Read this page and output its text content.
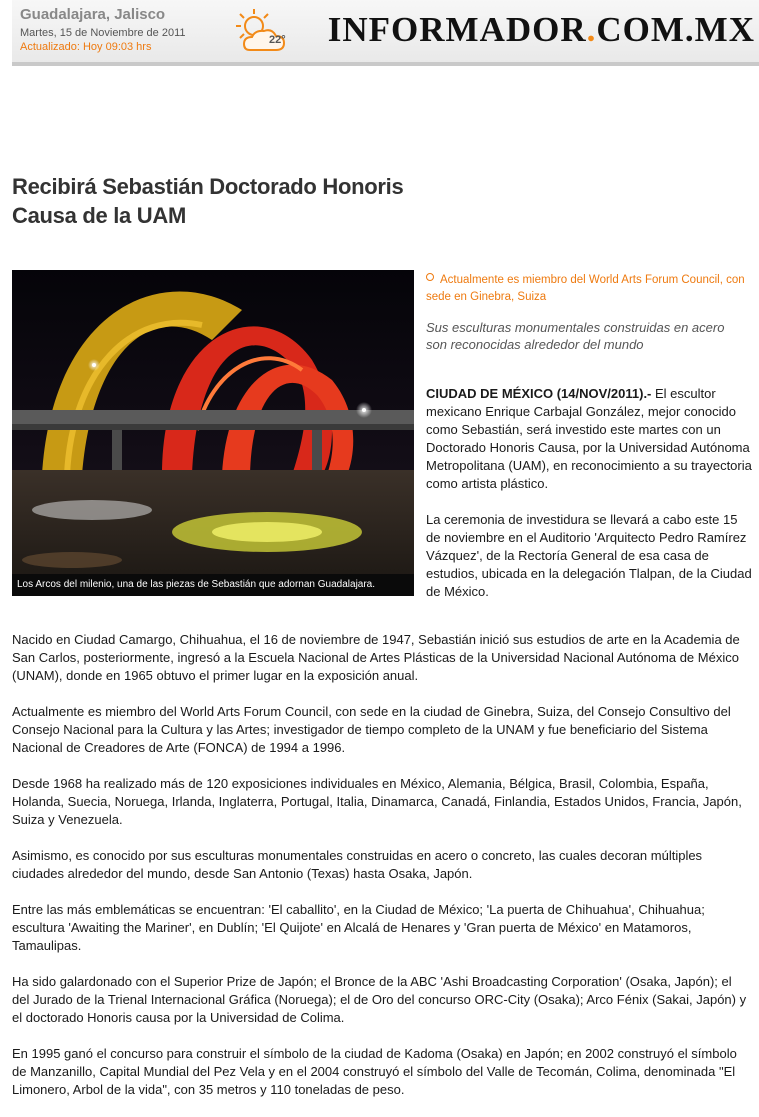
Guadalajara, Jalisco
Martes, 15 de Noviembre de 2011
Actualizado: Hoy 09:03 hrs
22° INFORMADOR.COM.MX
Recibirá Sebastián Doctorado Honoris Causa de la UAM
Los Arcos del milenio, una de las piezas de Sebastián que adornan Guadalajara.
Actualmente es miembro del World Arts Forum Council, con sede en Ginebra, Suiza
Sus esculturas monumentales construidas en acero son reconocidas alrededor del mundo

CIUDAD DE MÉXICO (14/NOV/2011).- El escultor mexicano Enrique Carbajal González, mejor conocido como Sebastián, será investido este martes con un Doctorado Honoris Causa, por la Universidad Autónoma Metropolitana (UAM), en reconocimiento a su trayectoria como artista plástico.

La ceremonia de investidura se llevará a cabo este 15 de noviembre en el Auditorio 'Arquitecto Pedro Ramírez Vázquez', de la Rectoría General de esa casa de estudios, ubicada en la delegación Tlalpan, de la Ciudad de México.

Nacido en Ciudad Camargo, Chihuahua, el 16 de noviembre de 1947, Sebastián inició sus estudios de arte en la Academia de San Carlos, posteriormente, ingresó a la Escuela Nacional de Artes Plásticas de la Universidad Nacional Autónoma de México (UNAM), donde en 1965 obtuvo el primer lugar en la exposición anual.

Actualmente es miembro del World Arts Forum Council, con sede en la ciudad de Ginebra, Suiza, del Consejo Consultivo del Consejo Nacional para la Cultura y las Artes; investigador de tiempo completo de la UNAM y fue beneficiario del Sistema Nacional de Creadores de Arte (FONCA) de 1994 a 1996.

Desde 1968 ha realizado más de 120 exposiciones individuales en México, Alemania, Bélgica, Brasil, Colombia, España, Holanda, Suecia, Noruega, Irlanda, Inglaterra, Portugal, Italia, Dinamarca, Canadá, Finlandia, Estados Unidos, Francia, Japón, Suiza y Venezuela.

Asimismo, es conocido por sus esculturas monumentales construidas en acero o concreto, las cuales decoran múltiples ciudades alrededor del mundo, desde San Antonio (Texas) hasta Osaka, Japón.

Entre las más emblemáticas se encuentran: 'El caballito', en la Ciudad de México; 'La puerta de Chihuahua', Chihuahua; escultura 'Awaiting the Mariner', en Dublín; 'El Quijote' en Alcalá de Henares y 'Gran puerta de México' en Matamoros, Tamaulipas.

Ha sido galardonado con el Superior Prize de Japón; el Bronce de la ABC 'Ashi Broadcasting Corporation' (Osaka, Japón); el del Jurado de la Trienal Internacional Gráfica (Noruega); el de Oro del concurso ORC-City (Osaka); Arco Fénix (Sakai, Japón) y el doctorado Honoris causa por la Universidad de Colima.

En 1995 ganó el concurso para construir el símbolo de la ciudad de Kadoma (Osaka) en Japón; en 2002 construyó el símbolo de Manzanillo, Capital Mundial del Pez Vela y en el 2004 construyó el símbolo del Valle de Tecomán, Colima, denominada "El Limonero, Arbol de la vida", con 35 metros y 110 toneladas de peso.
